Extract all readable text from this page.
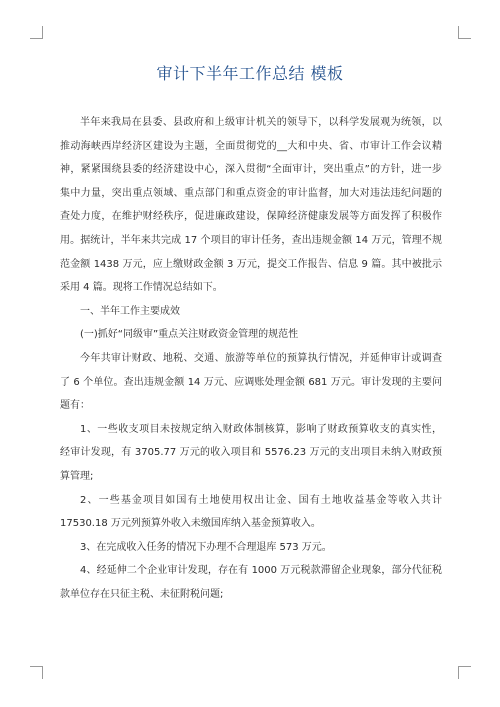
审计下半年工作总结 模板
半年来我局在县委、县政府和上级审计机关的领导下，以科学发展观为统领，以
推动海峡西岸经济区建设为主题，全面贯彻党的__大和中央、省、市审计工作会议精
神，紧紧围绕县委的经济建设中心，深入贯彻“全面审计，突出重点”的方针，进一步
集中力量，突出重点领域、重点部门和重点资金的审计监督，加大对违法违纪问题的
查处力度，在维护财经秩序，促进廉政建设，保障经济健康发展等方面发挥了积极作
用。据统计，半年来共完成 17 个项目的审计任务，查出违规金额 14 万元，管理不规
范金额 1438 万元，应上缴财政金额 3 万元，提交工作报告、信息 9 篇。其中被批示
采用 4 篇。现将工作情况总结如下。
一、半年工作主要成效
(一)抓好“同级审”重点关注财政资金管理的规范性
今年共审计财政、地税、交通、旅游等单位的预算执行情况，并延伸审计或调查
了 6 个单位。查出违规金额 14 万元、应调账处理金额 681 万元。审计发现的主要问
题有：
1、一些收支项目未按规定纳入财政体制核算，影响了财政预算收支的真实性，
经审计发现，有 3705.77 万元的收入项目和 5576.23 万元的支出项目未纳入财政预
算管理;
2、一些基金项目如国有土地使用权出让金、国有土地收益基金等收入共计
17530.18 万元列预算外收入未缴国库纳入基金预算收入。
3、在完成收入任务的情况下办理不合理退库 573 万元。
4、经延伸二个企业审计发现，存在有 1000 万元税款滞留企业现象，部分代征税
款单位存在只征主税、未征附税问题;
